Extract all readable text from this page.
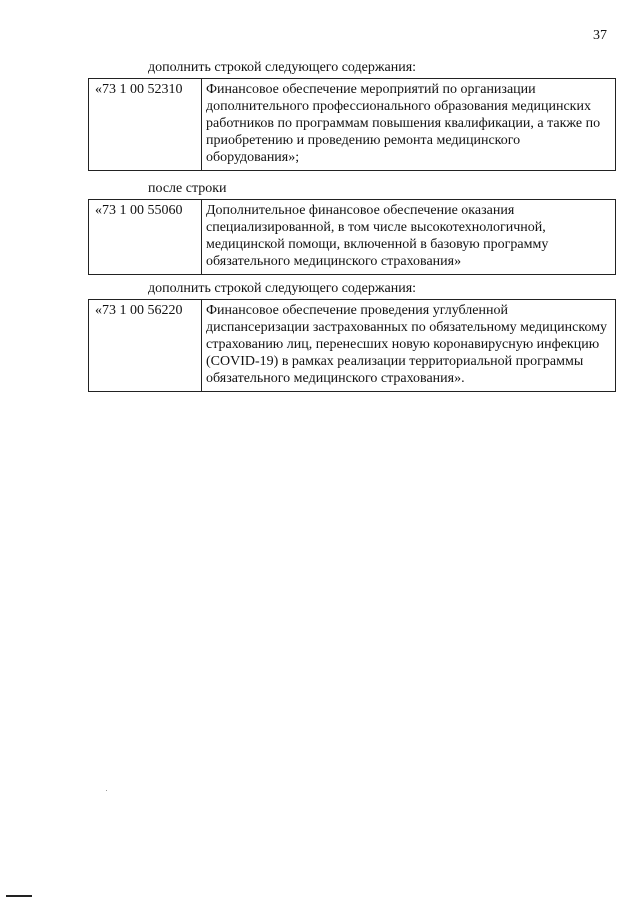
37
дополнить строкой следующего содержания:
«73 1 00 52310	Финансовое обеспечение мероприятий по организации дополнительного профессионального образования медицинских работников по программам повышения квалификации, а также по приобретению и проведению ремонта медицинского оборудования»;
после строки
«73 1 00 55060	Дополнительное финансовое обеспечение оказания специализированной, в том числе высокотехнологичной, медицинской помощи, включенной в базовую программу обязательного медицинского страхования»
дополнить строкой следующего содержания:
«73 1 00 56220	Финансовое обеспечение проведения углубленной диспансеризации застрахованных по обязательному медицинскому страхованию лиц, перенесших новую коронавирусную инфекцию (COVID-19) в рамках реализации территориальной программы обязательного медицинского страхования».
